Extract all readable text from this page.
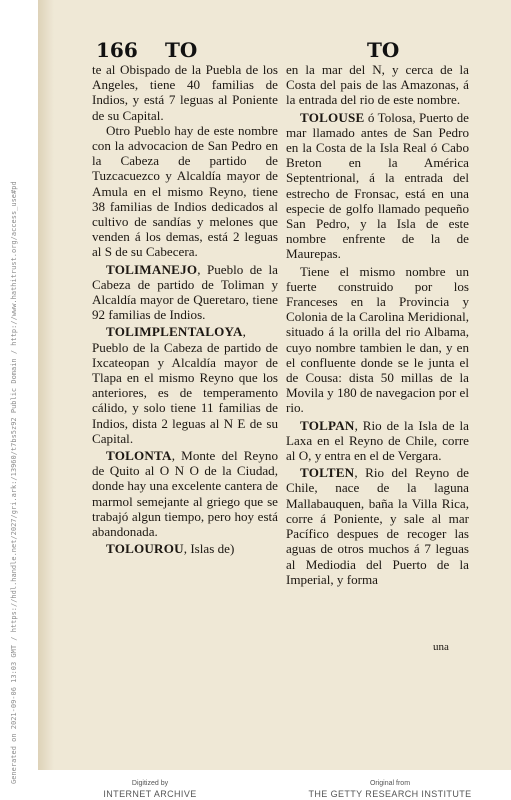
Generated on 2021-09-06 13:03 GMT / https://hdl.handle.net/2027/gri.ark:/13960/t7bs5z92 Public Domain / http://www.hathitrust.org/access_use#pd
166 TO	TO

te al Obispado de la Puebla de los Angeles, tiene 40 familias de Indios, y está 7 leguas al Poniente de su Capital.

Otro Pueblo hay de este nombre con la advocacion de San Pedro en la Cabeza de partido de Tuzcacuezco y Alcaldía mayor de Amula en el mismo Reyno, tiene 38 familias de Indios dedicados al cultivo de sandías y melones que venden á los demas, está 2 leguas al S de su Cabecera.

TOLIMANEJO, Pueblo de la Cabeza de partido de Toliman y Alcaldía mayor de Queretaro, tiene 92 familias de Indios.

TOLIMPLENTALOYA, Pueblo de la Cabeza de partido de Ixcateopan y Alcaldía mayor de Tlapa en el mismo Reyno que los anteriores, es de temperamento cálido, y solo tiene 11 familias de Indios, dista 2 leguas al N E de su Capital.

TOLONTA, Monte del Reyno de Quito al O N O de la Ciudad, donde hay una excelente cantera de marmol semejante al griego que se trabajó algun tiempo, pero hoy está abandonada.

TOLOUROU, Islas de)

en la mar del N, y cerca de la Costa del pais de las Amazonas, á la entrada del rio de este nombre.

TOLOUSE ó Tolosa, Puerto de mar llamado antes de San Pedro en la Costa de la Isla Real ó Cabo Breton en la América Septentrional, á la entrada del estrecho de Fronsac, está en una especie de golfo llamado pequeño San Pedro, y la Isla de este nombre enfrente de la de Maurepas.

Tiene el mismo nombre un fuerte construido por los Franceses en la Provincia y Colonia de la Carolina Meridional, situado á la orilla del rio Albama, cuyo nombre tambien le dan, y en el confluente donde se le junta el de Cousa: dista 50 millas de la Movila y 180 de navegacion por el rio.

TOLPAN, Rio de la Isla de la Laxa en el Reyno de Chile, corre al O, y entra en el de Vergara.

TOLTEN, Rio del Reyno de Chile, nace de la laguna Mallabauquen, baña la Villa Rica, corre á Poniente, y sale al mar Pacífico despues de recoger las aguas de otros muchos á 7 leguas al Mediodia del Puerto de la Imperial, y forma

una
Digitized by
INTERNET ARCHIVE
Original from
THE GETTY RESEARCH INSTITUTE
